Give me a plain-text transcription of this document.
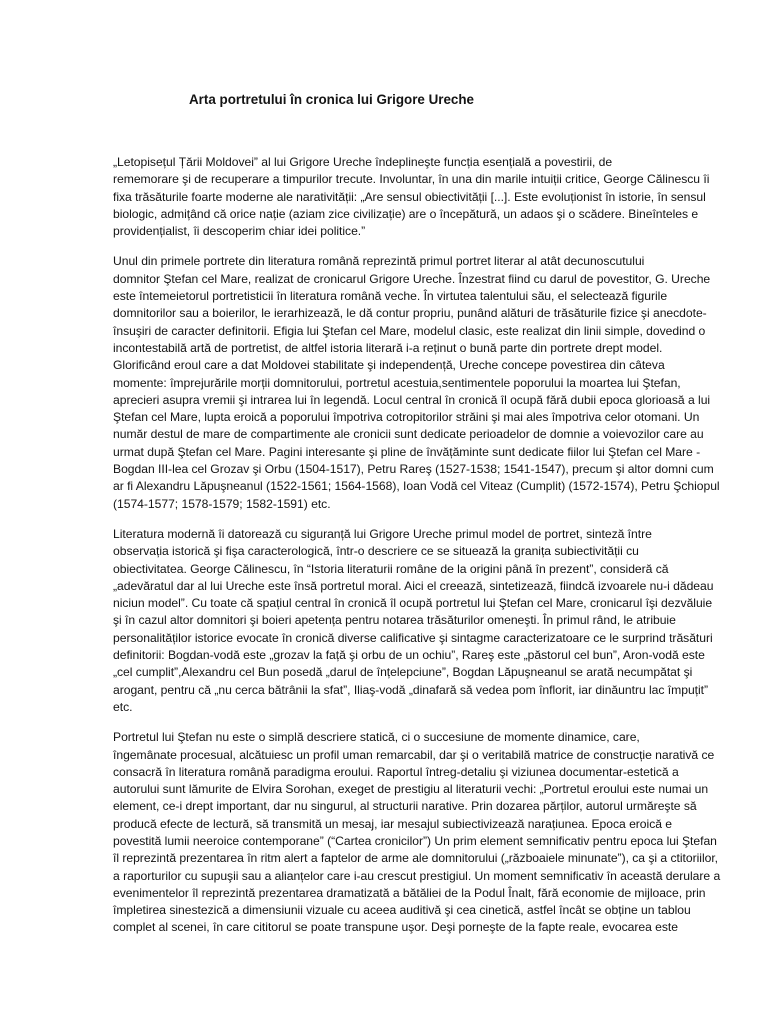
Arta portretului în cronica lui Grigore Ureche

„Letopisețul Țării Moldovei” al lui Grigore Ureche îndeplineşte funcția esențială a povestirii, de
rememorare şi de recuperare a timpurilor trecute. Involuntar, în una din marile intuiții critice, George Călinescu îi
fixa trăsăturile foarte moderne ale narativității: „Are sensul obiectivității [...]. Este evoluționist în istorie, în sensul
biologic, admițând că orice nație (aziam zice civilizație) are o începătură, un adaos şi o scădere. Bineînteles e
providențialist, îi descoperim chiar idei politice.”

Unul din primele portrete din literatura română reprezintă primul portret literar al atât decunoscutului
domnitor Ştefan cel Mare, realizat de cronicarul Grigore Ureche. Înzestrat fiind cu darul de povestitor, G. Ureche
este întemeietorul portretisticii în literatura română veche. În virtutea talentului său, el selectează figurile
domnitorilor sau a boierilor, le ierarhizează, le dă contur propriu, punând alături de trăsăturile fizice şi anecdote-
însuşiri de caracter definitorii. Efigia lui Ştefan cel Mare, modelul clasic, este realizat din linii simple, dovedind o
incontestabilă artă de portretist, de altfel istoria literară i-a reținut o bună parte din portrete drept model.
Glorificând eroul care a dat Moldovei stabilitate şi independență, Ureche concepe povestirea din câteva
momente: împrejurările morții domnitorului, portretul acestuia,sentimentele poporului la moartea lui Ştefan,
aprecieri asupra vremii şi intrarea lui în legendă. Locul central în cronică îl ocupă fără dubii epoca glorioasă a lui
Ştefan cel Mare, lupta eroică a poporului împotriva cotropitorilor străini şi mai ales împotriva celor otomani. Un
număr destul de mare de compartimente ale cronicii sunt dedicate perioadelor de domnie a voievozilor care au
urmat după Ştefan cel Mare. Pagini interesante şi pline de învățăminte sunt dedicate fiilor lui Ştefan cel Mare -
Bogdan III-lea cel Grozav şi Orbu (1504-1517), Petru Rareş (1527-1538; 1541-1547), precum şi altor domni cum
ar fi Alexandru Lăpuşneanul (1522-1561; 1564-1568), Ioan Vodă cel Viteaz (Cumplit) (1572-1574), Petru Şchiopul
(1574-1577; 1578-1579; 1582-1591) etc.

Literatura modernă îi datorează cu siguranță lui Grigore Ureche primul model de portret, sinteză între
observația istorică şi fişa caracterologică, într-o descriere ce se situează la granița subiectivității cu
obiectivitatea. George Călinescu, în “Istoria literaturii române de la origini până în prezent”, consideră că
„adevăratul dar al lui Ureche este însă portretul moral. Aici el creează, sintetizează, fiindcă izvoarele nu-i dădeau
niciun model”. Cu toate că spațiul central în cronică îl ocupă portretul lui Ştefan cel Mare, cronicarul îşi dezvăluie
şi în cazul altor domnitori şi boieri apetența pentru notarea trăsăturilor omeneşti. În primul rând, le atribuie
personalităților istorice evocate în cronică diverse calificative şi sintagme caracterizatoare ce le surprind trăsături
definitorii: Bogdan-vodă este „grozav la față şi orbu de un ochiu”, Rareş este „păstorul cel bun”, Aron-vodă este
„cel cumplit”,Alexandru cel Bun posedă „darul de înțelepciune”, Bogdan Lăpuşneanul se arată necumpătat şi
arogant, pentru că „nu cerca bătrânii la sfat”, Iliaş-vodă „dinafară să vedea pom înflorit, iar dinăuntru lac împuțit”
etc.

Portretul lui Ştefan nu este o simplă descriere statică, ci o succesiune de momente dinamice, care,
îngemânate procesual, alcătuiesc un profil uman remarcabil, dar şi o veritabilă matrice de construcție narativă ce
consacră în literatura română paradigma eroului. Raportul întreg-detaliu şi viziunea documentar-estetică a
autorului sunt lămurite de Elvira Sorohan, exeget de prestigiu al literaturii vechi: „Portretul eroului este numai un
element, ce-i drept important, dar nu singurul, al structurii narative. Prin dozarea părților, autorul urmăreşte să
producă efecte de lectură, să transmită un mesaj, iar mesajul subiectivizează narațiunea. Epoca eroică e
povestită lumii neeroice contemporane” (“Cartea cronicilor”) Un prim element semnificativ pentru epoca lui Ştefan
îl reprezintă prezentarea în ritm alert a faptelor de arme ale domnitorului („războaiele minunate”), ca şi a ctitoriilor,
a raporturilor cu supuşii sau a alianțelor care i-au crescut prestigiul. Un moment semnificativ în această derulare a
evenimentelor îl reprezintă prezentarea dramatizată a bătăliei de la Podul Înalt, fără economie de mijloace, prin
împletirea sinestezică a dimensiunii vizuale cu aceea auditivă şi cea cinetică, astfel încât se obține un tablou
complet al scenei, în care cititorul se poate transpune uşor. Deşi porneşte de la fapte reale, evocarea este
